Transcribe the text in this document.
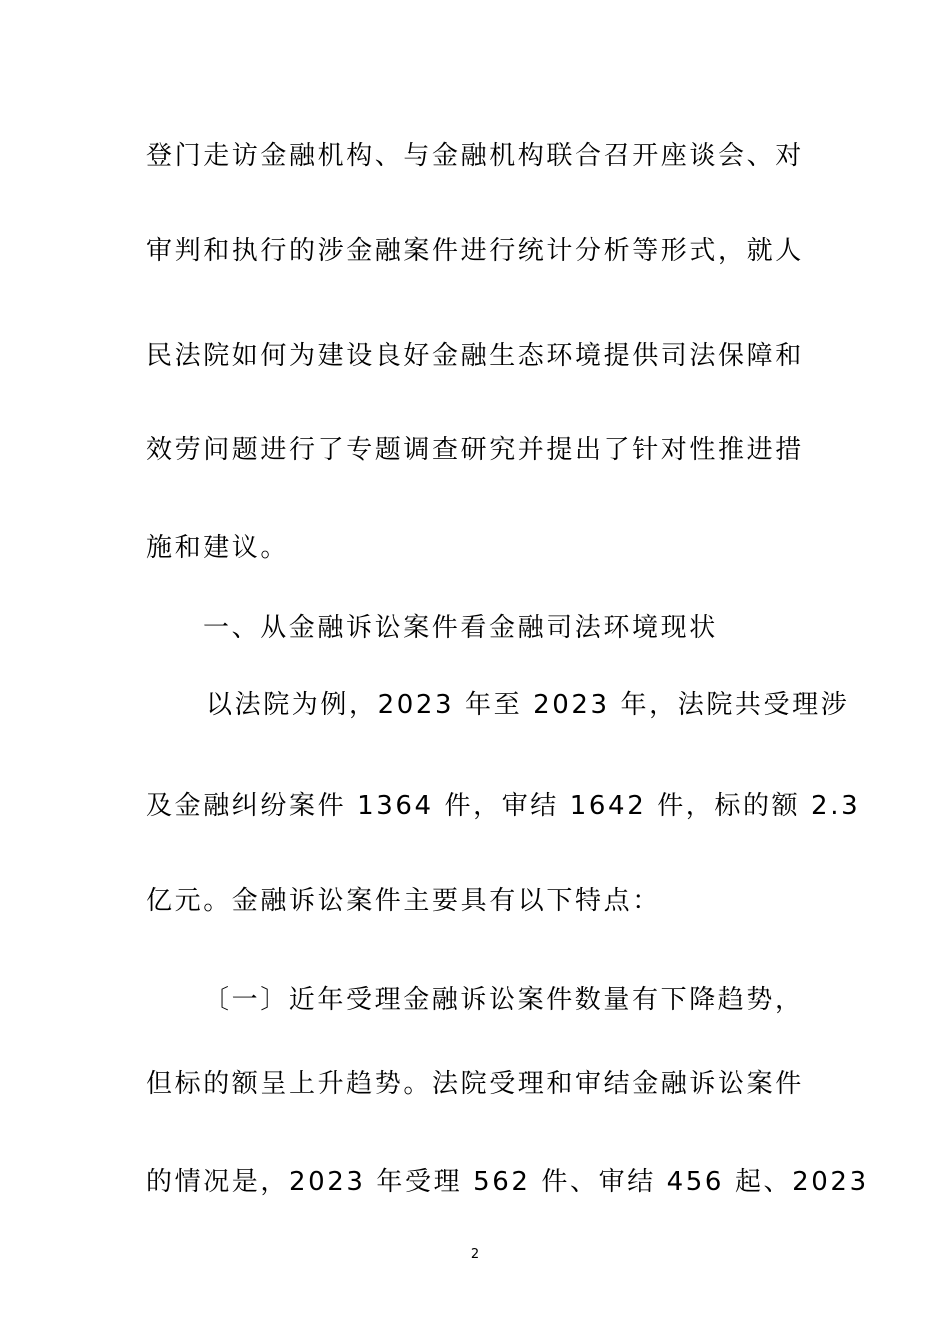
登门走访金融机构、与金融机构联合召开座谈会、对
审判和执行的涉金融案件进行统计分析等形式，就人
民法院如何为建设良好金融生态环境提供司法保障和
效劳问题进行了专题调查研究并提出了针对性推进措
施和建议。
一、从金融诉讼案件看金融司法环境现状
以法院为例，2023 年至 2023 年，法院共受理涉
及金融纠纷案件 1364 件，审结 1642 件，标的额 2.3
亿元。金融诉讼案件主要具有以下特点：
〔一〕近年受理金融诉讼案件数量有下降趋势，
但标的额呈上升趋势。法院受理和审结金融诉讼案件
的情况是，2023 年受理 562 件、审结 456 起、2023
2
